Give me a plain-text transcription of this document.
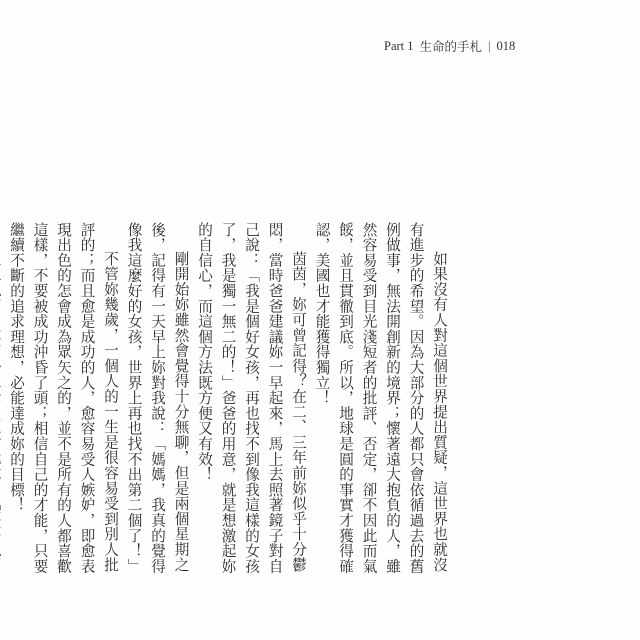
Part 1 生命的手札 | 018

如果沒有人對這個世界提出質疑，這世界也就沒有進步的希望。因為大部分的人都只會依循過去的舊例做事，無法開創新的境界；懷著遠大抱負的人，雖然容易受到目光淺短者的批評、否定，卻不因此而氣餒，並且貫徹到底。所以，地球是圓的事實才獲得確認，美國也才能獲得獨立！

茵茵，妳可曾記得？在二、三年前妳似乎十分鬱悶，當時爸爸建議妳一早起來，馬上去照著鏡子對自己說：「我是個好女孩，再也找不到像我這樣的女孩了，我是獨一無二的！」爸爸的用意，就是想激起妳的自信心，而這個方法既方便又有效！

剛開始妳雖然會覺得十分無聊，但是兩個星期之後，記得有一天早上妳對我說：「媽媽，我真的覺得像我這麼好的女孩，世界上再也找不出第二個了！」

不管妳幾歲，一個人的一生是很容易受到別人批評的；而且愈是成功的人，愈容易受人嫉妒，即愈表現出色的怎會成為眾矢之的，並不是所有的人都喜歡這樣，不要被成功沖昏了頭；相信自己的才能，只要繼續不斷的追求理想，必能達成妳的目標！
